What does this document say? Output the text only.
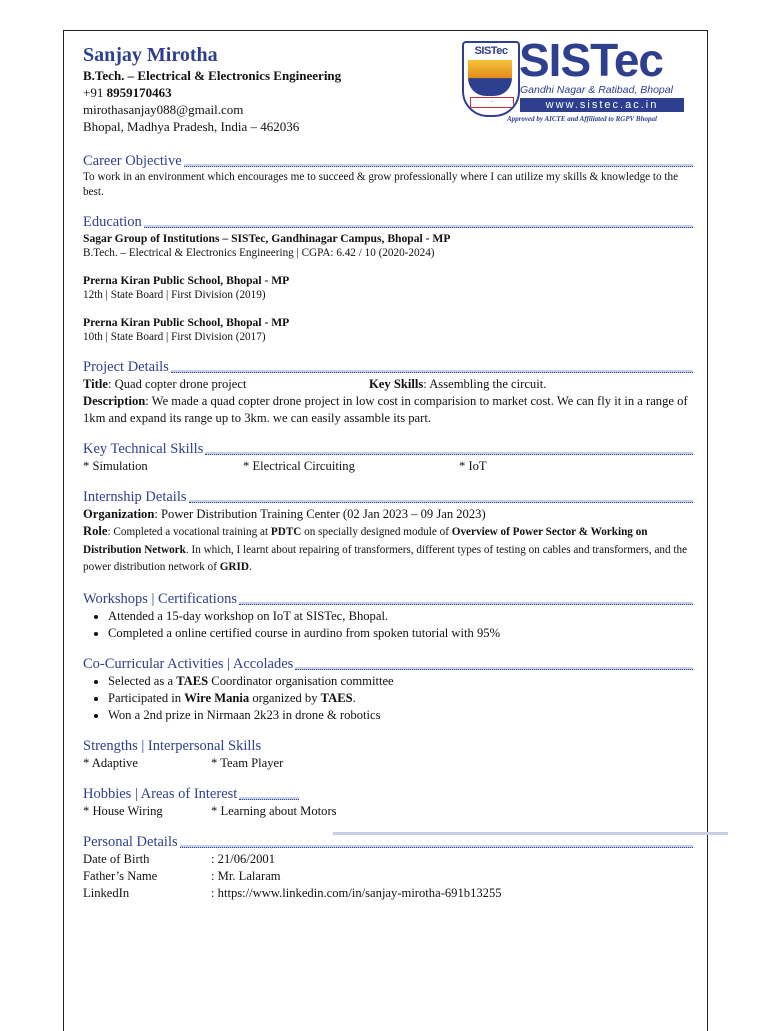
SISTec
~
SISTec
Gandhi Nagar & Ratibad, Bhopal
www.sistec.ac.in
Approved by AICTE and Affiliated to RGPV Bhopal
Sanjay Mirotha
B.Tech. – Electrical & Electronics Engineering
+91 8959170463
mirothasanjay088@gmail.com
Bhopal, Madhya Pradesh, India – 462036
Career Objective
To work in an environment which encourages me to succeed & grow professionally where I can utilize my skills & knowledge to the best.
Education
Sagar Group of Institutions – SISTec, Gandhinagar Campus, Bhopal - MP
B.Tech. – Electrical & Electronics Engineering | CGPA: 6.42 / 10 (2020-2024)
Prerna Kiran Public School, Bhopal - MP
12th | State Board | First Division (2019)
Prerna Kiran Public School, Bhopal - MP
10th | State Board | First Division (2017)
Project Details
Title: Quad copter drone project	Key Skills: Assembling the circuit.
Description: We made a quad copter drone project in low cost in comparision to market cost. We can fly it in a range of 1km and expand its range up to 3km. we can easily assamble its part.
Key Technical Skills
* Simulation	* Electrical Circuiting	* IoT
Internship Details
Organization: Power Distribution Training Center (02 Jan 2023 – 09 Jan 2023)
Role: Completed a vocational training at PDTC on specially designed module of Overview of Power Sector & Working on Distribution Network. In which, I learnt about repairing of transformers, different types of testing on cables and transformers, and the power distribution network of GRID.
Workshops | Certifications
• Attended a 15-day workshop on IoT at SISTec, Bhopal.
• Completed a online certified course in aurdino from spoken tutorial with 95%
Co-Curricular Activities | Accolades
• Selected as a TAES Coordinator organisation committee
• Participated in Wire Mania organized by TAES.
• Won a 2nd prize in Nirmaan 2k23 in drone & robotics
Strengths | Interpersonal Skills
* Adaptive	* Team Player
Hobbies | Areas of Interest
* House Wiring	* Learning about Motors
Personal Details
Date of Birth	: 21/06/2001
Father’s Name	: Mr. Lalaram
LinkedIn	: https://www.linkedin.com/in/sanjay-mirotha-691b13255
